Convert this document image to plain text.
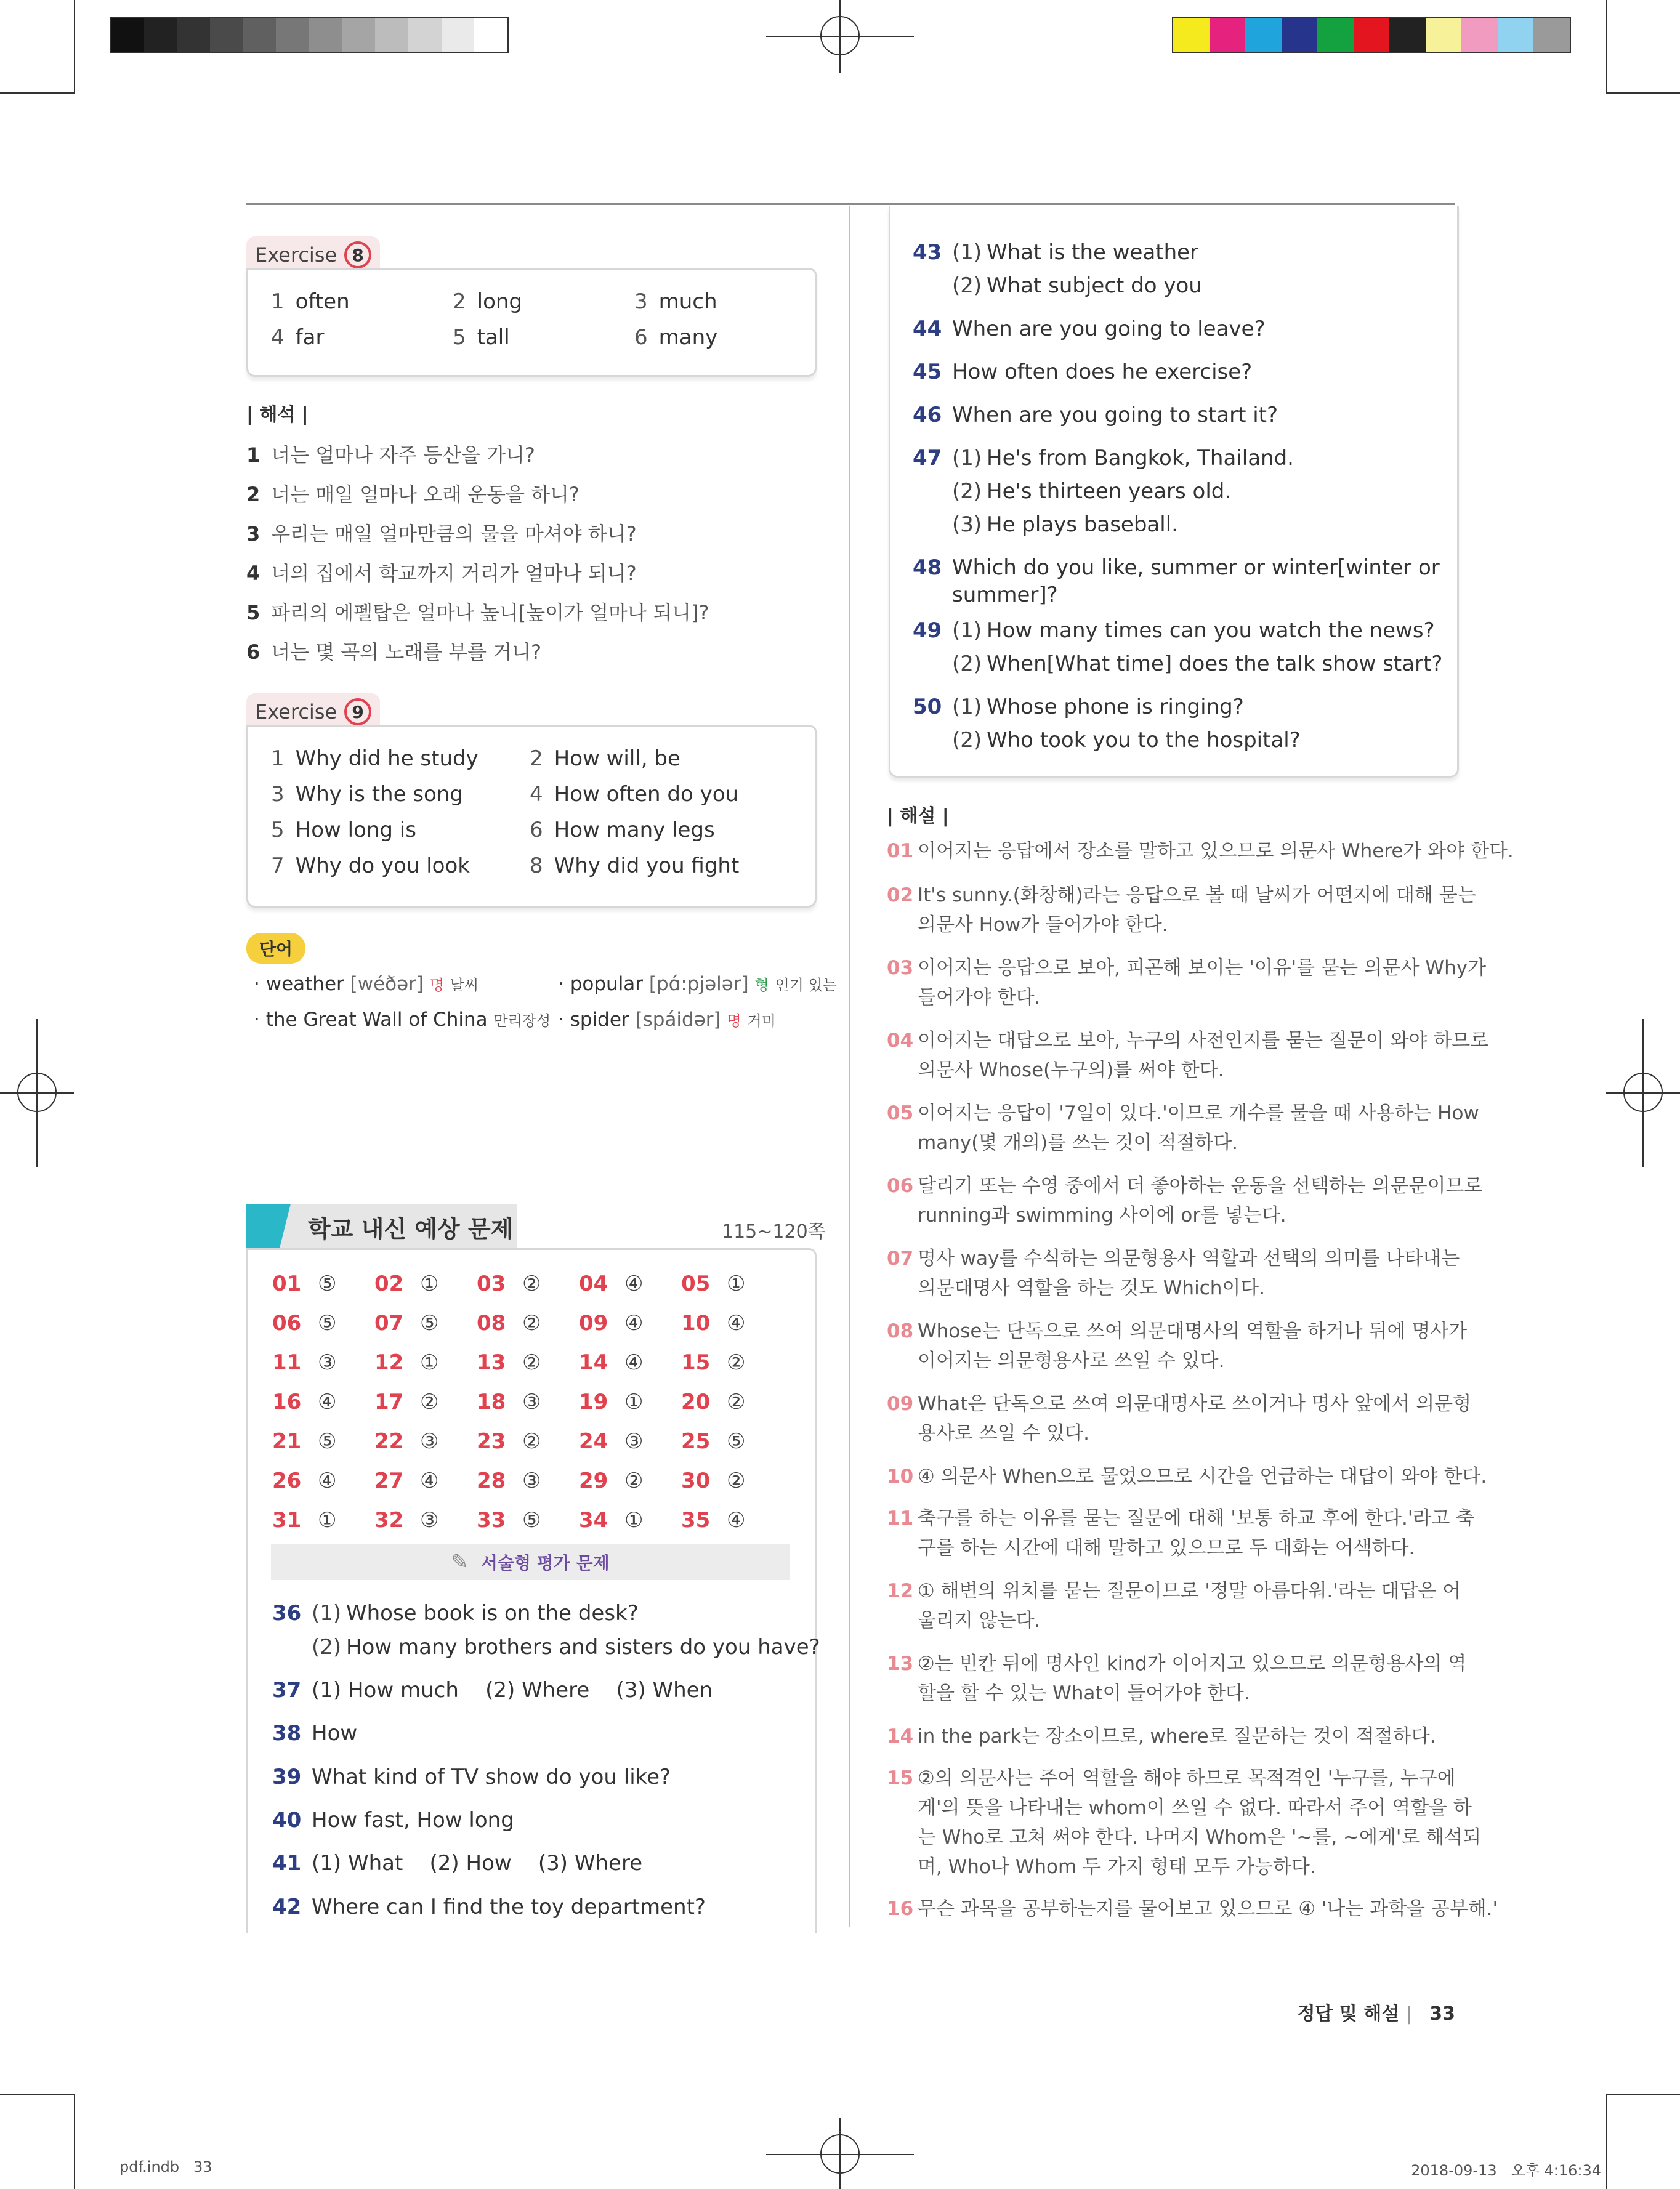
Exercise 8
1 often	2 long	3 much
4 far	5 tall	6 many
| 해석 |
1 너는 얼마나 자주 등산을 가니?
2 너는 매일 얼마나 오래 운동을 하니?
3 우리는 매일 얼마만큼의 물을 마셔야 하니?
4 너의 집에서 학교까지 거리가 얼마나 되니?
5 파리의 에펠탑은 얼마나 높니[높이가 얼마나 되니]?
6 너는 몇 곡의 노래를 부를 거니?
Exercise 9
1 Why did he study	2 How will, be
3 Why is the song	4 How often do you
5 How long is	6 How many legs
7 Why do you look	8 Why did you fight
단어
· weather [wéðər] 명 날씨	· popular [pɑ́:pjələr] 형 인기 있는
· the Great Wall of China 만리장성 · spider [spáidər] 명 거미
학교 내신 예상 문제	115~120쪽
01 ⑤	02 ①	03 ②	04 ④	05 ①
06 ⑤	07 ⑤	08 ②	09 ④	10 ④
11 ③	12 ①	13 ②	14 ④	15 ②
16 ④	17 ②	18 ③	19 ①	20 ②
21 ⑤	22 ③	23 ②	24 ③	25 ⑤
26 ④	27 ④	28 ③	29 ②	30 ②
31 ①	32 ③	33 ⑤	34 ①	35 ④
✎ 서술형 평가 문제
36 (1) Whose book is on the desk?
(2) How many brothers and sisters do you have?
37 (1) How much    (2) Where    (3) When
38 How
39 What kind of TV show do you like?
40 How fast, How long
41 (1) What    (2) How    (3) Where
42 Where can I find the toy department?
43 (1) What is the weather
(2) What subject do you
44 When are you going to leave?
45 How often does he exercise?
46 When are you going to start it?
47 (1) He's from Bangkok, Thailand.
(2) He's thirteen years old.
(3) He plays baseball.
48 Which do you like, summer or winter[winter or
summer]?
49 (1) How many times can you watch the news?
(2) When[What time] does the talk show start?
50 (1) Whose phone is ringing?
(2) Who took you to the hospital?
| 해설 |
01 이어지는 응답에서 장소를 말하고 있으므로 의문사 Where가 와야 한다.
02 It's sunny.(화창해)라는 응답으로 볼 때 날씨가 어떤지에 대해 묻는
의문사 How가 들어가야 한다.
03 이어지는 응답으로 보아, 피곤해 보이는 '이유'를 묻는 의문사 Why가
들어가야 한다.
04 이어지는 대답으로 보아, 누구의 사전인지를 묻는 질문이 와야 하므로
의문사 Whose(누구의)를 써야 한다.
05 이어지는 응답이 '7일이 있다.'이므로 개수를 물을 때 사용하는 How
many(몇 개의)를 쓰는 것이 적절하다.
06 달리기 또는 수영 중에서 더 좋아하는 운동을 선택하는 의문문이므로
running과 swimming 사이에 or를 넣는다.
07 명사 way를 수식하는 의문형용사 역할과 선택의 의미를 나타내는
의문대명사 역할을 하는 것도 Which이다.
08 Whose는 단독으로 쓰여 의문대명사의 역할을 하거나 뒤에 명사가
이어지는 의문형용사로 쓰일 수 있다.
09 What은 단독으로 쓰여 의문대명사로 쓰이거나 명사 앞에서 의문형
용사로 쓰일 수 있다.
10 ④ 의문사 When으로 물었으므로 시간을 언급하는 대답이 와야 한다.
11 축구를 하는 이유를 묻는 질문에 대해 '보통 하교 후에 한다.'라고 축
구를 하는 시간에 대해 말하고 있으므로 두 대화는 어색하다.
12 ① 해변의 위치를 묻는 질문이므로 '정말 아름다워.'라는 대답은 어
울리지 않는다.
13 ②는 빈칸 뒤에 명사인 kind가 이어지고 있으므로 의문형용사의 역
할을 할 수 있는 What이 들어가야 한다.
14 in the park는 장소이므로, where로 질문하는 것이 적절하다.
15 ②의 의문사는 주어 역할을 해야 하므로 목적격인 '누구를, 누구에
게'의 뜻을 나타내는 whom이 쓰일 수 없다. 따라서 주어 역할을 하
는 Who로 고쳐 써야 한다. 나머지 Whom은 '~를, ~에게'로 해석되
며, Who나 Whom 두 가지 형태 모두 가능하다.
16 무슨 과목을 공부하는지를 물어보고 있으므로 ④ '나는 과학을 공부해.'
정답 및 해설 | 33
pdf.indb   33	2018-09-13   오후 4:16:34
